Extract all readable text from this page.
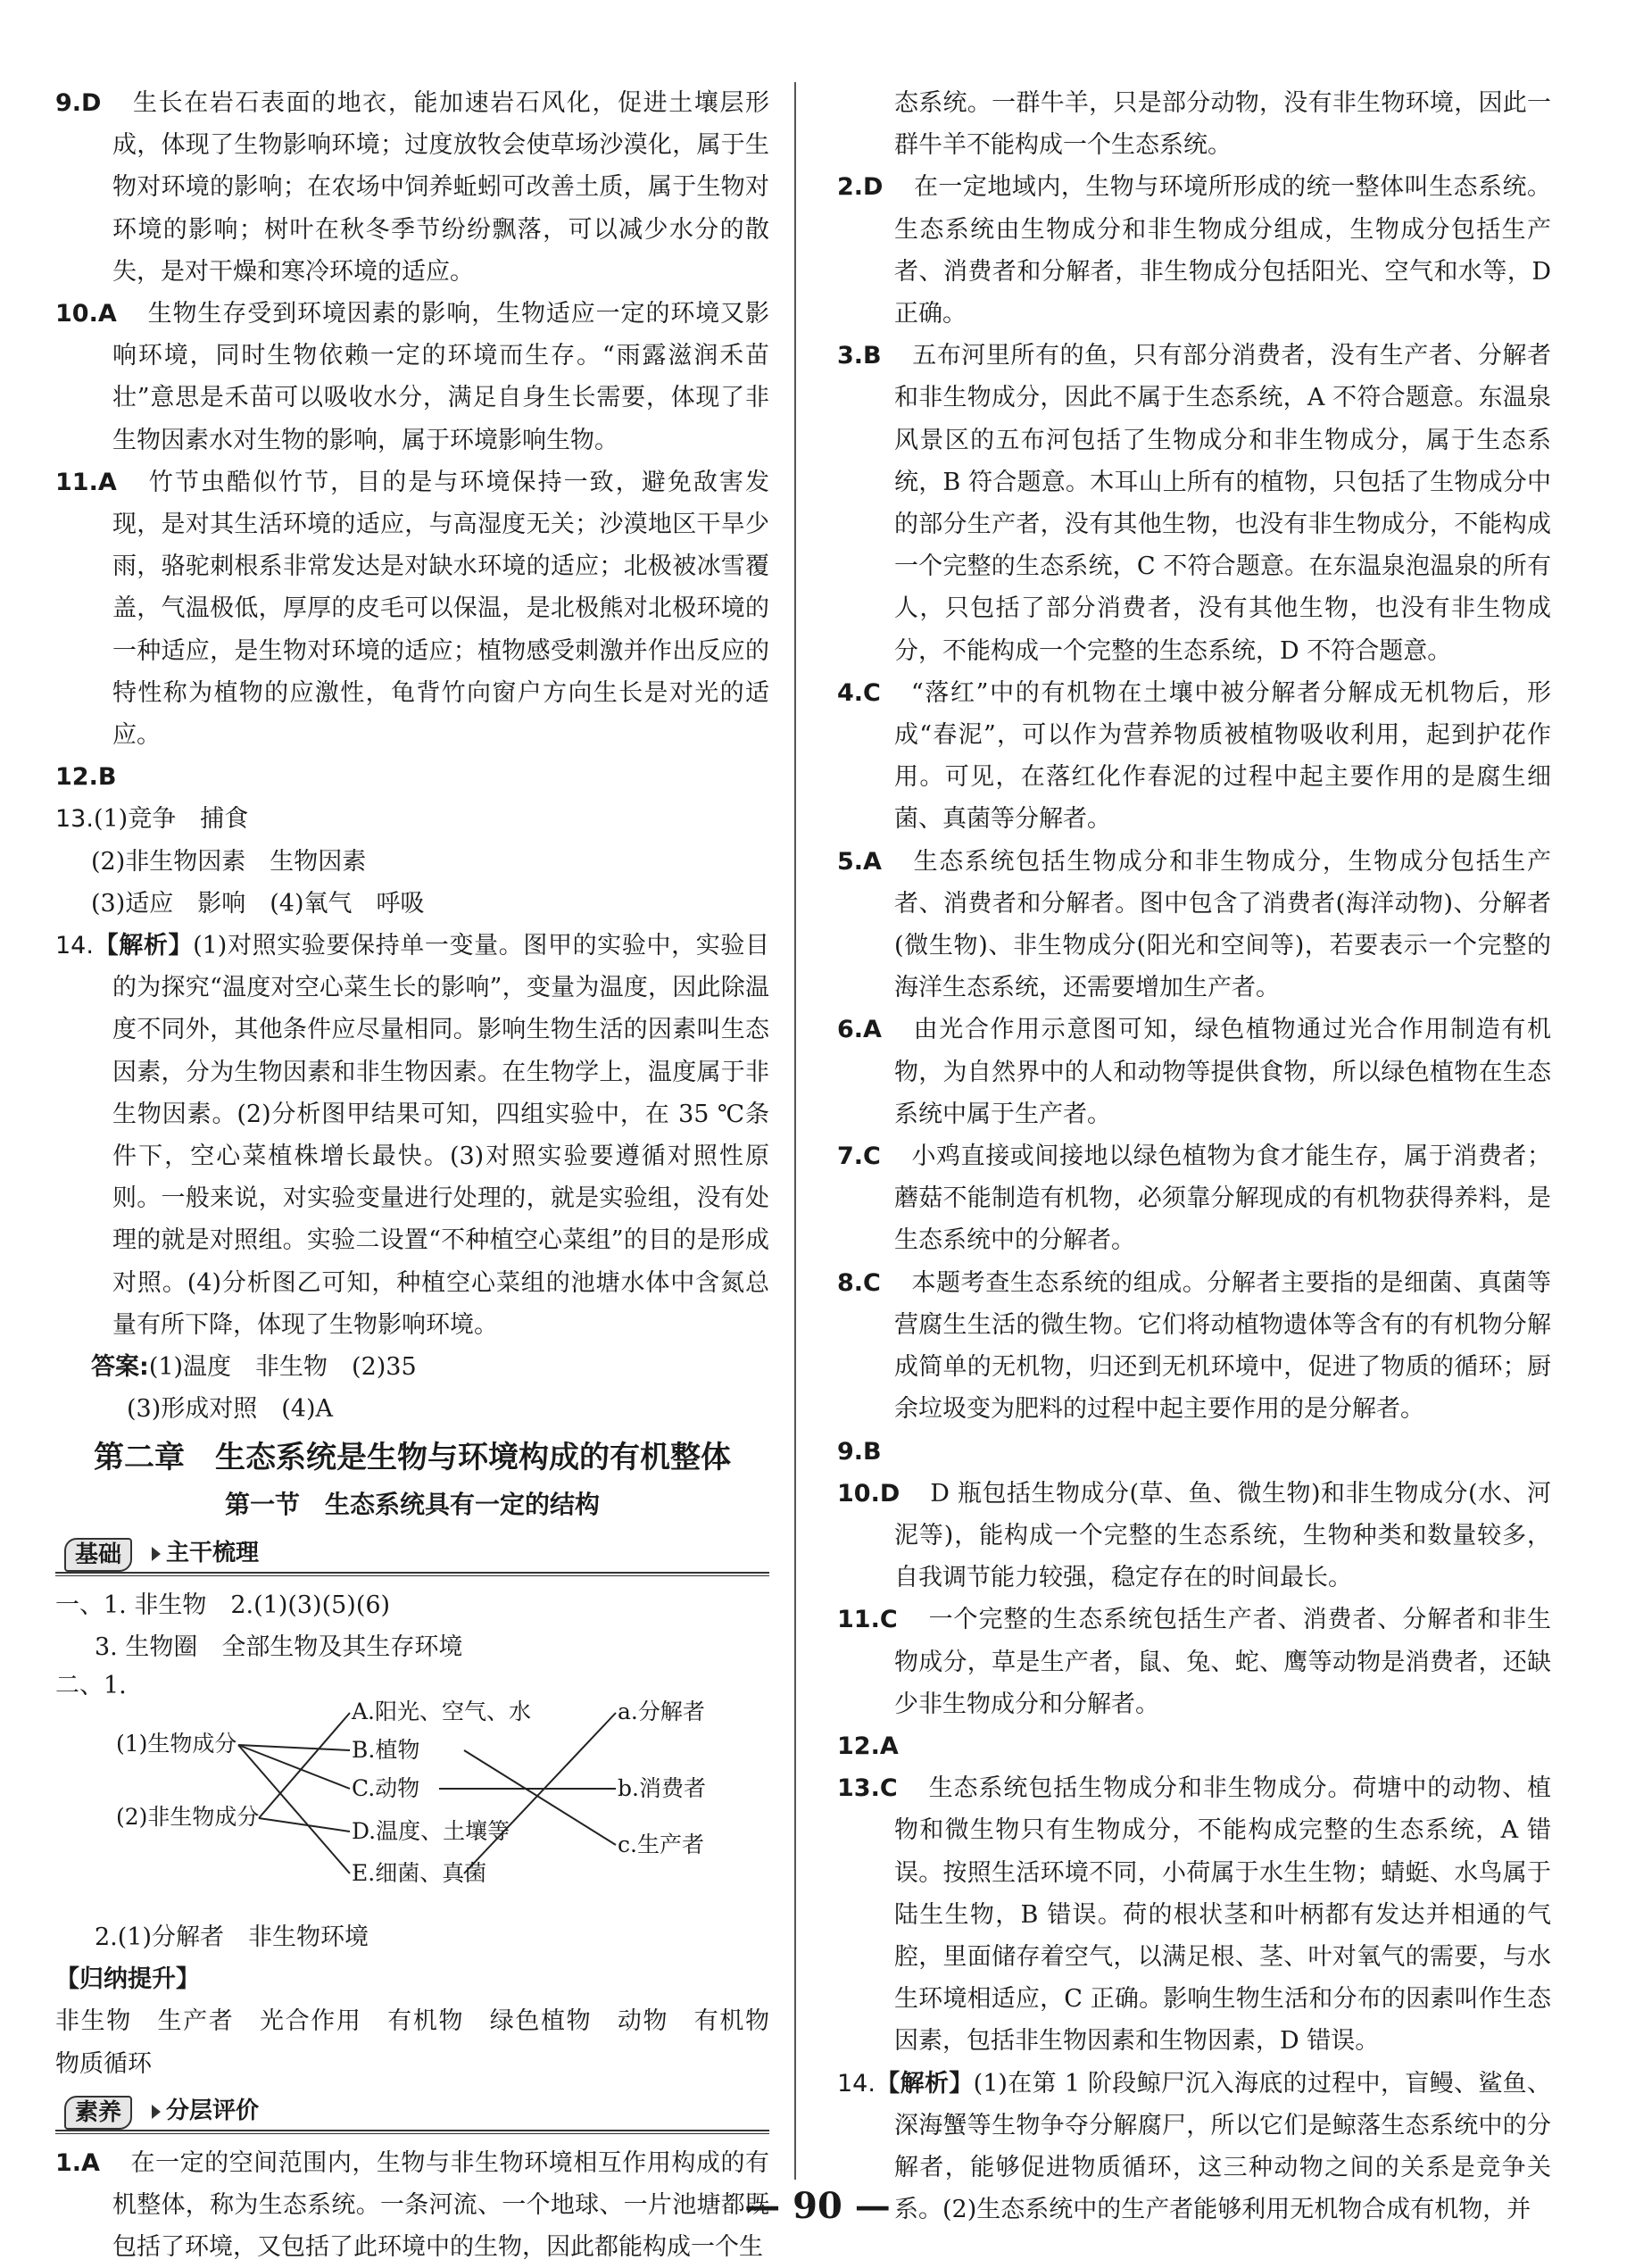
9.D 生长在岩石表面的地衣，能加速岩石风化，促进土壤层形成，体现了生物影响环境；过度放牧会使草场沙漠化，属于生物对环境的影响；在农场中饲养蚯蚓可改善土质，属于生物对环境的影响；树叶在秋冬季节纷纷飘落，可以减少水分的散失，是对干燥和寒冷环境的适应。

10.A 生物生存受到环境因素的影响，生物适应一定的环境又影响环境，同时生物依赖一定的环境而生存。“雨露滋润禾苗壮”意思是禾苗可以吸收水分，满足自身生长需要，体现了非生物因素水对生物的影响，属于环境影响生物。

11.A 竹节虫酷似竹节，目的是与环境保持一致，避免敌害发现，是对其生活环境的适应，与高湿度无关；沙漠地区干旱少雨，骆驼刺根系非常发达是对缺水环境的适应；北极被冰雪覆盖，气温极低，厚厚的皮毛可以保温，是北极熊对北极环境的一种适应，是生物对环境的适应；植物感受刺激并作出反应的特性称为植物的应激性，龟背竹向窗户方向生长是对光的适应。

12.B

13.(1)竞争　捕食

(2)非生物因素　生物因素

(3)适应　影响　(4)氧气　呼吸

14.【解析】(1)对照实验要保持单一变量。图甲的实验中，实验目的为探究“温度对空心菜生长的影响”，变量为温度，因此除温度不同外，其他条件应尽量相同。影响生物生活的因素叫生态因素，分为生物因素和非生物因素。在生物学上，温度属于非生物因素。(2)分析图甲结果可知，四组实验中，在 35 ℃条件下，空心菜植株增长最快。(3)对照实验要遵循对照性原则。一般来说，对实验变量进行处理的，就是实验组，没有处理的就是对照组。实验二设置“不种植空心菜组”的目的是形成对照。(4)分析图乙可知，种植空心菜组的池塘水体中含氮总量有所下降，体现了生物影响环境。

答案:(1)温度　非生物　(2)35

(3)形成对照　(4)A

第二章　生态系统是生物与环境构成的有机整体
第一节　生态系统具有一定的结构
基础	主干梳理

一、1. 非生物　2.(1)(3)(5)(6)

3. 生物圈　全部生物及其生存环境

二、1.

(1)生物成分
(2)非生物成分
A.阳光、空气、水
B.植物
C.动物
D.温度、土壤等
E.细菌、真菌
a.分解者
b.消费者
c.生产者

2.(1)分解者　非生物环境

【归纳提升】

非生物　生产者　光合作用　有机物　绿色植物　动物　有机物　物质循环

素养	分层评价

1.A 在一定的空间范围内，生物与非生物环境相互作用构成的有机整体，称为生态系统。一条河流、一个地球、一片池塘都既包括了环境，又包括了此环境中的生物，因此都能构成一个生

态系统。一群牛羊，只是部分动物，没有非生物环境，因此一群牛羊不能构成一个生态系统。

2.D 在一定地域内，生物与环境所形成的统一整体叫生态系统。生态系统由生物成分和非生物成分组成，生物成分包括生产者、消费者和分解者，非生物成分包括阳光、空气和水等，D正确。

3.B 五布河里所有的鱼，只有部分消费者，没有生产者、分解者和非生物成分，因此不属于生态系统，A 不符合题意。东温泉风景区的五布河包括了生物成分和非生物成分，属于生态系统，B 符合题意。木耳山上所有的植物，只包括了生物成分中的部分生产者，没有其他生物，也没有非生物成分，不能构成一个完整的生态系统，C 不符合题意。在东温泉泡温泉的所有人，只包括了部分消费者，没有其他生物，也没有非生物成分，不能构成一个完整的生态系统，D 不符合题意。

4.C “落红”中的有机物在土壤中被分解者分解成无机物后，形成“春泥”，可以作为营养物质被植物吸收利用，起到护花作用。可见，在落红化作春泥的过程中起主要作用的是腐生细菌、真菌等分解者。

5.A 生态系统包括生物成分和非生物成分，生物成分包括生产者、消费者和分解者。图中包含了消费者(海洋动物)、分解者(微生物)、非生物成分(阳光和空间等)，若要表示一个完整的海洋生态系统，还需要增加生产者。

6.A 由光合作用示意图可知，绿色植物通过光合作用制造有机物，为自然界中的人和动物等提供食物，所以绿色植物在生态系统中属于生产者。

7.C 小鸡直接或间接地以绿色植物为食才能生存，属于消费者；蘑菇不能制造有机物，必须靠分解现成的有机物获得养料，是生态系统中的分解者。

8.C 本题考查生态系统的组成。分解者主要指的是细菌、真菌等营腐生生活的微生物。它们将动植物遗体等含有的有机物分解成简单的无机物，归还到无机环境中，促进了物质的循环；厨余垃圾变为肥料的过程中起主要作用的是分解者。

9.B

10.D D 瓶包括生物成分(草、鱼、微生物)和非生物成分(水、河泥等)，能构成一个完整的生态系统，生物种类和数量较多，自我调节能力较强，稳定存在的时间最长。

11.C 一个完整的生态系统包括生产者、消费者、分解者和非生物成分，草是生产者，鼠、兔、蛇、鹰等动物是消费者，还缺少非生物成分和分解者。

12.A

13.C 生态系统包括生物成分和非生物成分。荷塘中的动物、植物和微生物只有生物成分，不能构成完整的生态系统，A 错误。按照生活环境不同，小荷属于水生生物；蜻蜓、水鸟属于陆生生物，B 错误。荷的根状茎和叶柄都有发达并相通的气腔，里面储存着空气，以满足根、茎、叶对氧气的需要，与水生环境相适应，C 正确。影响生物生活和分布的因素叫作生态因素，包括非生物因素和生物因素，D 错误。

14.【解析】(1)在第 1 阶段鲸尸沉入海底的过程中，盲鳗、鲨鱼、深海蟹等生物争夺分解腐尸，所以它们是鲸落生态系统中的分解者，能够促进物质循环，这三种动物之间的关系是竞争关系。(2)生态系统中的生产者能够利用无机物合成有机物，并

— 90 —
